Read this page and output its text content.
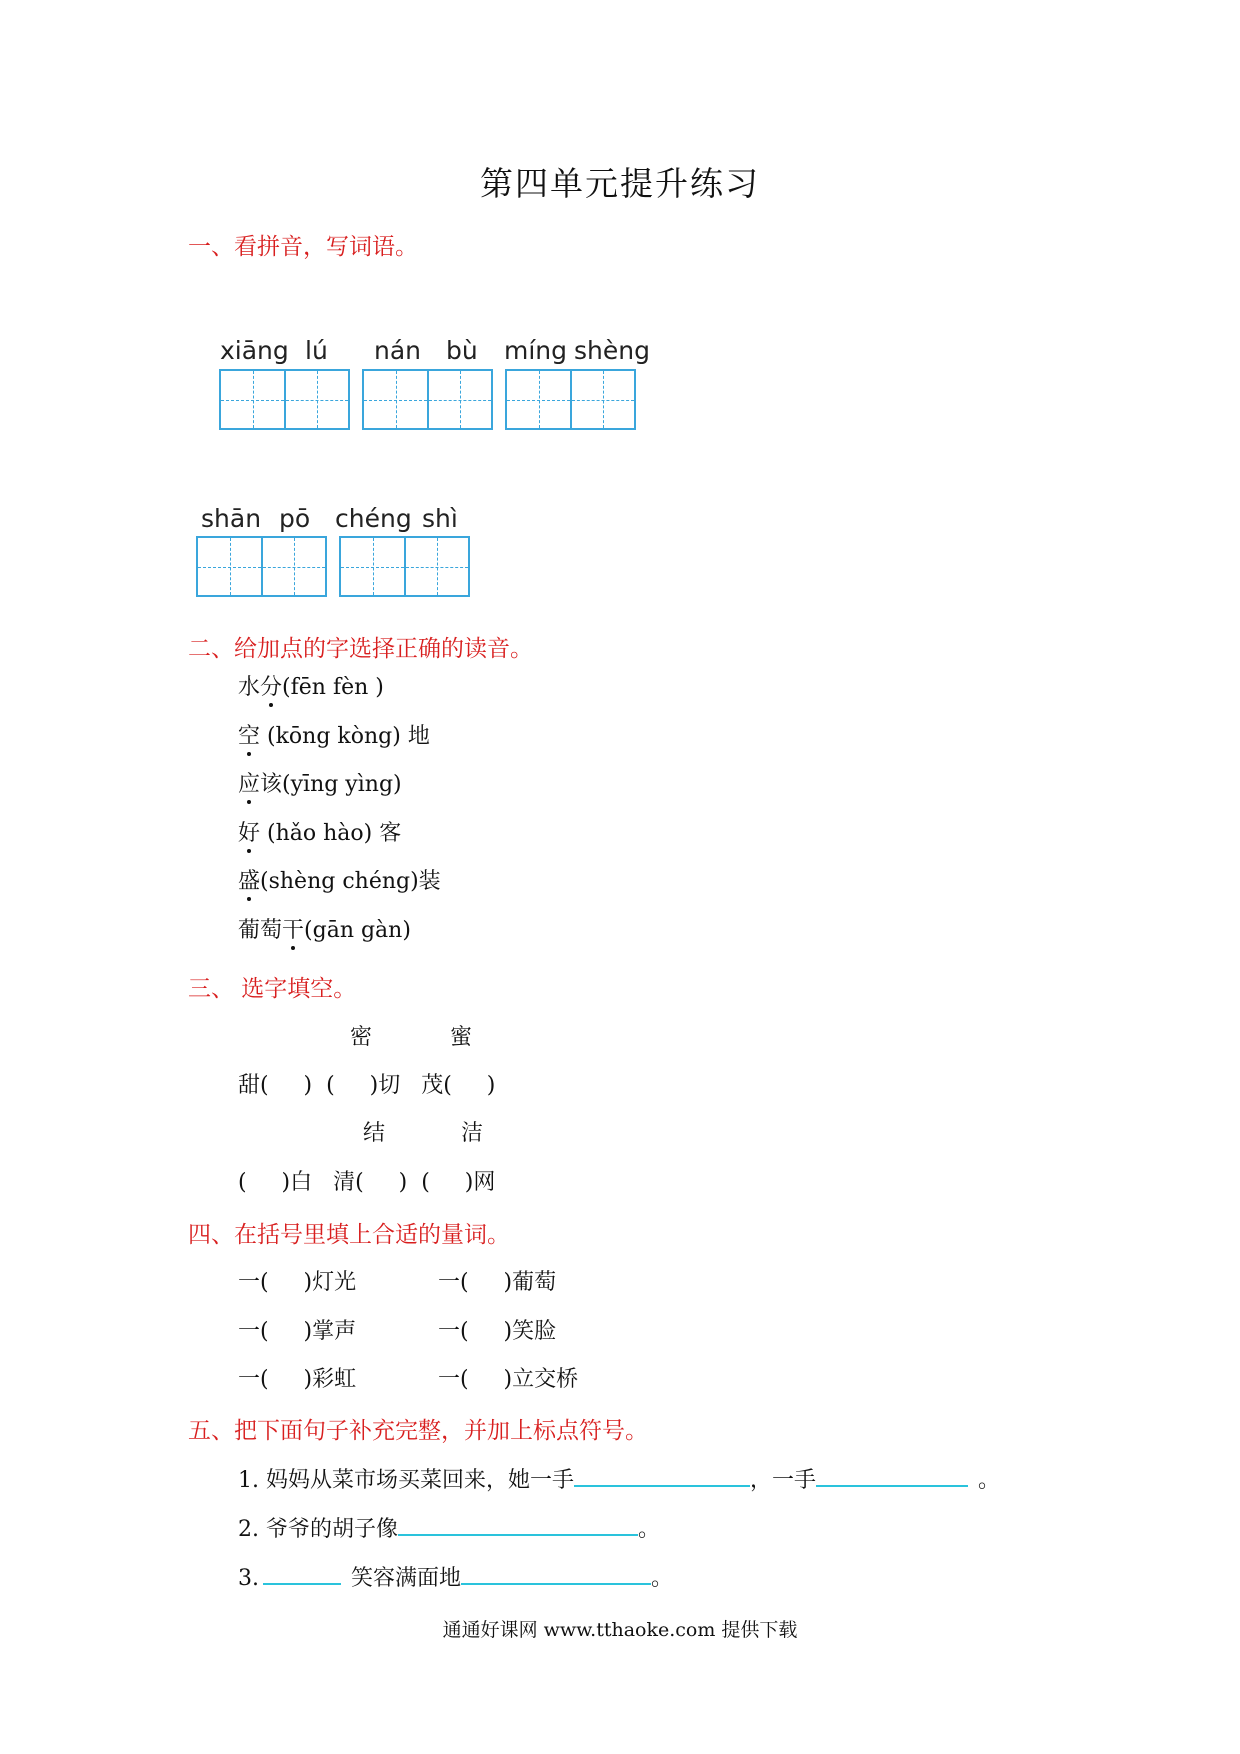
第四单元提升练习
一、看拼音，写词语。
xiāng lú nán bù míng shèng
shān pō chéng shì
二、给加点的字选择正确的读音。
水分(fēn fèn )
空 (kōng kòng) 地
应该(yīng yìng)
好 (hǎo hào) 客
盛(shèng chéng)装
葡萄干(gān gàn)
三、 选字填空。
密	蜜
甜(     )  (     )切   茂(     )
结	洁
(     )白   清(     )  (     )网
四、在括号里填上合适的量词。
一(     )灯光	一(     )葡萄
一(     )掌声	一(     )笑脸
一(     )彩虹	一(     )立交桥
五、把下面句子补充完整，并加上标点符号。
1. 妈妈从菜市场买菜回来，她一手	，一手	。
2. 爷爷的胡子像	。
3.	笑容满面地	。
通通好课网 www.tthaoke.com 提供下载
